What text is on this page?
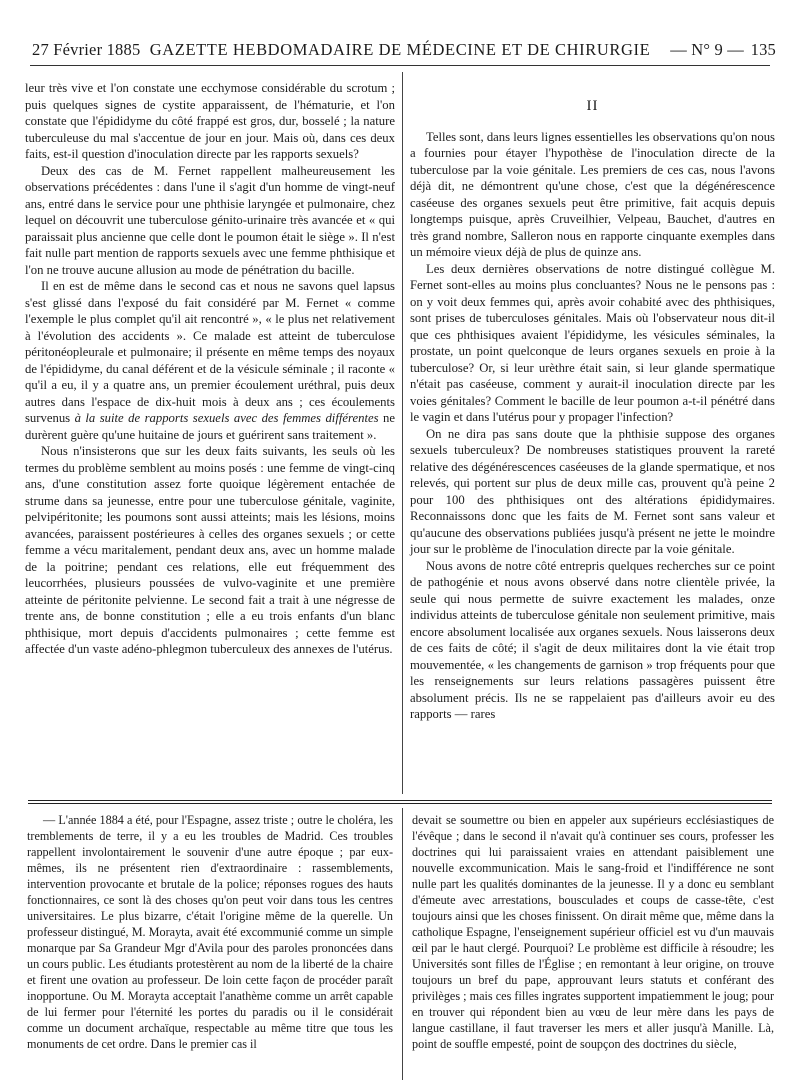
27 Février 1885 GAZETTE HEBDOMADAIRE DE MÉDECINE ET DE CHIRURGIE	— N° 9 — 135

leur très vive et l'on constate une ecchymose considérable du scrotum ; puis quelques signes de cystite apparaissent, de l'hématurie, et l'on constate que l'épididyme du côté frappé est gros, dur, bosselé ; la nature tuberculeuse du mal s'accentue de jour en jour. Mais où, dans ces deux faits, est-il question d'inoculation directe par les rapports sexuels?

Deux des cas de M. Fernet rappellent malheureusement les observations précédentes : dans l'une il s'agit d'un homme de vingt-neuf ans, entré dans le service pour une phthisie laryngée et pulmonaire, chez lequel on découvrit une tuberculose génito-urinaire très avancée et « qui paraissait plus ancienne que celle dont le poumon était le siège ». Il n'est fait nulle part mention de rapports sexuels avec une femme phthisique et l'on ne trouve aucune allusion au mode de pénétration du bacille.

Il en est de même dans le second cas et nous ne savons quel lapsus s'est glissé dans l'exposé du fait considéré par M. Fernet « comme l'exemple le plus complet qu'il ait rencontré », « le plus net relativement à l'évolution des accidents ». Ce malade est atteint de tuberculose péritonéopleurale et pulmonaire; il présente en même temps des noyaux de l'épididyme, du canal déférent et de la vésicule séminale ; il raconte « qu'il a eu, il y a quatre ans, un premier écoulement uréthral, puis deux autres dans l'espace de dix-huit mois à deux ans ; ces écoulements survenus à la suite de rapports sexuels avec des femmes différentes ne durèrent guère qu'une huitaine de jours et guérirent sans traitement ».

Nous n'insisterons que sur les deux faits suivants, les seuls où les termes du problème semblent au moins posés : une femme de vingt-cinq ans, d'une constitution assez forte quoique légèrement entachée de strume dans sa jeunesse, entre pour une tuberculose génitale, vaginite, pelvipéritonite; les poumons sont aussi atteints; mais les lésions, moins avancées, paraissent postérieures à celles des organes sexuels ; or cette femme a vécu maritalement, pendant deux ans, avec un homme malade de la poitrine; pendant ces relations, elle eut fréquemment des leucorrhées, plusieurs poussées de vulvo-vaginite et une première atteinte de péritonite pelvienne. Le second fait a trait à une négresse de trente ans, de bonne constitution ; elle a eu trois enfants d'un blanc phthisique, mort depuis d'accidents pulmonaires ; cette femme est affectée d'un vaste adéno-phlegmon tuberculeux des annexes de l'utérus.

II

Telles sont, dans leurs lignes essentielles les observations qu'on nous a fournies pour étayer l'hypothèse de l'inoculation directe de la tuberculose par la voie génitale. Les premiers de ces cas, nous l'avons déjà dit, ne démontrent qu'une chose, c'est que la dégénérescence caséeuse des organes sexuels peut être primitive, fait acquis depuis longtemps puisque, après Cruveilhier, Velpeau, Bauchet, d'autres en très grand nombre, Salleron nous en rapporte cinquante exemples dans un mémoire vieux déjà de plus de quinze ans.

Les deux dernières observations de notre distingué collègue M. Fernet sont-elles au moins plus concluantes? Nous ne le pensons pas : on y voit deux femmes qui, après avoir cohabité avec des phthisiques, sont prises de tuberculoses génitales. Mais où l'observateur nous dit-il que ces phthisiques avaient l'épididyme, les vésicules séminales, la prostate, un point quelconque de leurs organes sexuels en proie à la tuberculose? Or, si leur urèthre était sain, si leur glande spermatique n'était pas caséeuse, comment y aurait-il inoculation directe par les voies génitales? Comment le bacille de leur poumon a-t-il pénétré dans le vagin et dans l'utérus pour y propager l'infection?

On ne dira pas sans doute que la phthisie suppose des organes sexuels tuberculeux? De nombreuses statistiques prouvent la rareté relative des dégénérescences caséeuses de la glande spermatique, et nos relevés, qui portent sur plus de deux mille cas, prouvent qu'à peine 2 pour 100 des phthisiques ont des altérations épididymaires. Reconnaissons donc que les faits de M. Fernet sont sans valeur et qu'aucune des observations publiées jusqu'à présent ne jette le moindre jour sur le problème de l'inoculation directe par la voie génitale.

Nous avons de notre côté entrepris quelques recherches sur ce point de pathogénie et nous avons observé dans notre clientèle privée, la seule qui nous permette de suivre exactement les malades, onze individus atteints de tuberculose génitale non seulement primitive, mais encore absolument localisée aux organes sexuels. Nous laisserons deux de ces faits de côté; il s'agit de deux militaires dont la vie était trop mouvementée, « les changements de garnison » trop fréquents pour que les renseignements sur leurs relations passagères puissent être absolument précis. Ils ne se rappelaient pas d'ailleurs avoir eu des rapports — rares

— L'année 1884 a été, pour l'Espagne, assez triste ; outre le choléra, les tremblements de terre, il y a eu les troubles de Madrid. Ces troubles rappellent involontairement le souvenir d'une autre époque ; par eux-mêmes, ils ne présentent rien d'extraordinaire : rassemblements, intervention provocante et brutale de la police; réponses rogues des hauts fonctionnaires, ce sont là des choses qu'on peut voir dans tous les centres universitaires. Le plus bizarre, c'était l'origine même de la querelle. Un professeur distingué, M. Morayta, avait été excommunié comme un simple monarque par Sa Grandeur Mgr d'Avila pour des paroles prononcées dans un cours public. Les étudiants protestèrent au nom de la liberté de la chaire et firent une ovation au professeur. De loin cette façon de procéder paraît inopportune. Ou M. Morayta acceptait l'anathème comme un arrêt capable de lui fermer pour l'éternité les portes du paradis ou il le considérait comme un document archaïque, respectable au même titre que tous les monuments de cet ordre. Dans le premier cas il

devait se soumettre ou bien en appeler aux supérieurs ecclésiastiques de l'évêque ; dans le second il n'avait qu'à continuer ses cours, professer les doctrines qui lui paraissaient vraies en attendant paisiblement une nouvelle excommunication. Mais le sang-froid et l'indifférence ne sont nulle part les qualités dominantes de la jeunesse. Il y a donc eu semblant d'émeute avec arrestations, bousculades et coups de casse-tête, c'est toujours ainsi que les choses finissent. On dirait même que, même dans la catholique Espagne, l'enseignement supérieur officiel est vu d'un mauvais œil par le haut clergé. Pourquoi? Le problème est difficile à résoudre; les Universités sont filles de l'Église ; en remontant à leur origine, on trouve toujours un bref du pape, approuvant leurs statuts et conférant des privilèges ; mais ces filles ingrates supportent impatiemment le joug; pour en trouver qui répondent bien au vœu de leur mère dans les pays de langue castillane, il faut traverser les mers et aller jusqu'à Manille. Là, point de souffle empesté, point de soupçon des doctrines du siècle,
